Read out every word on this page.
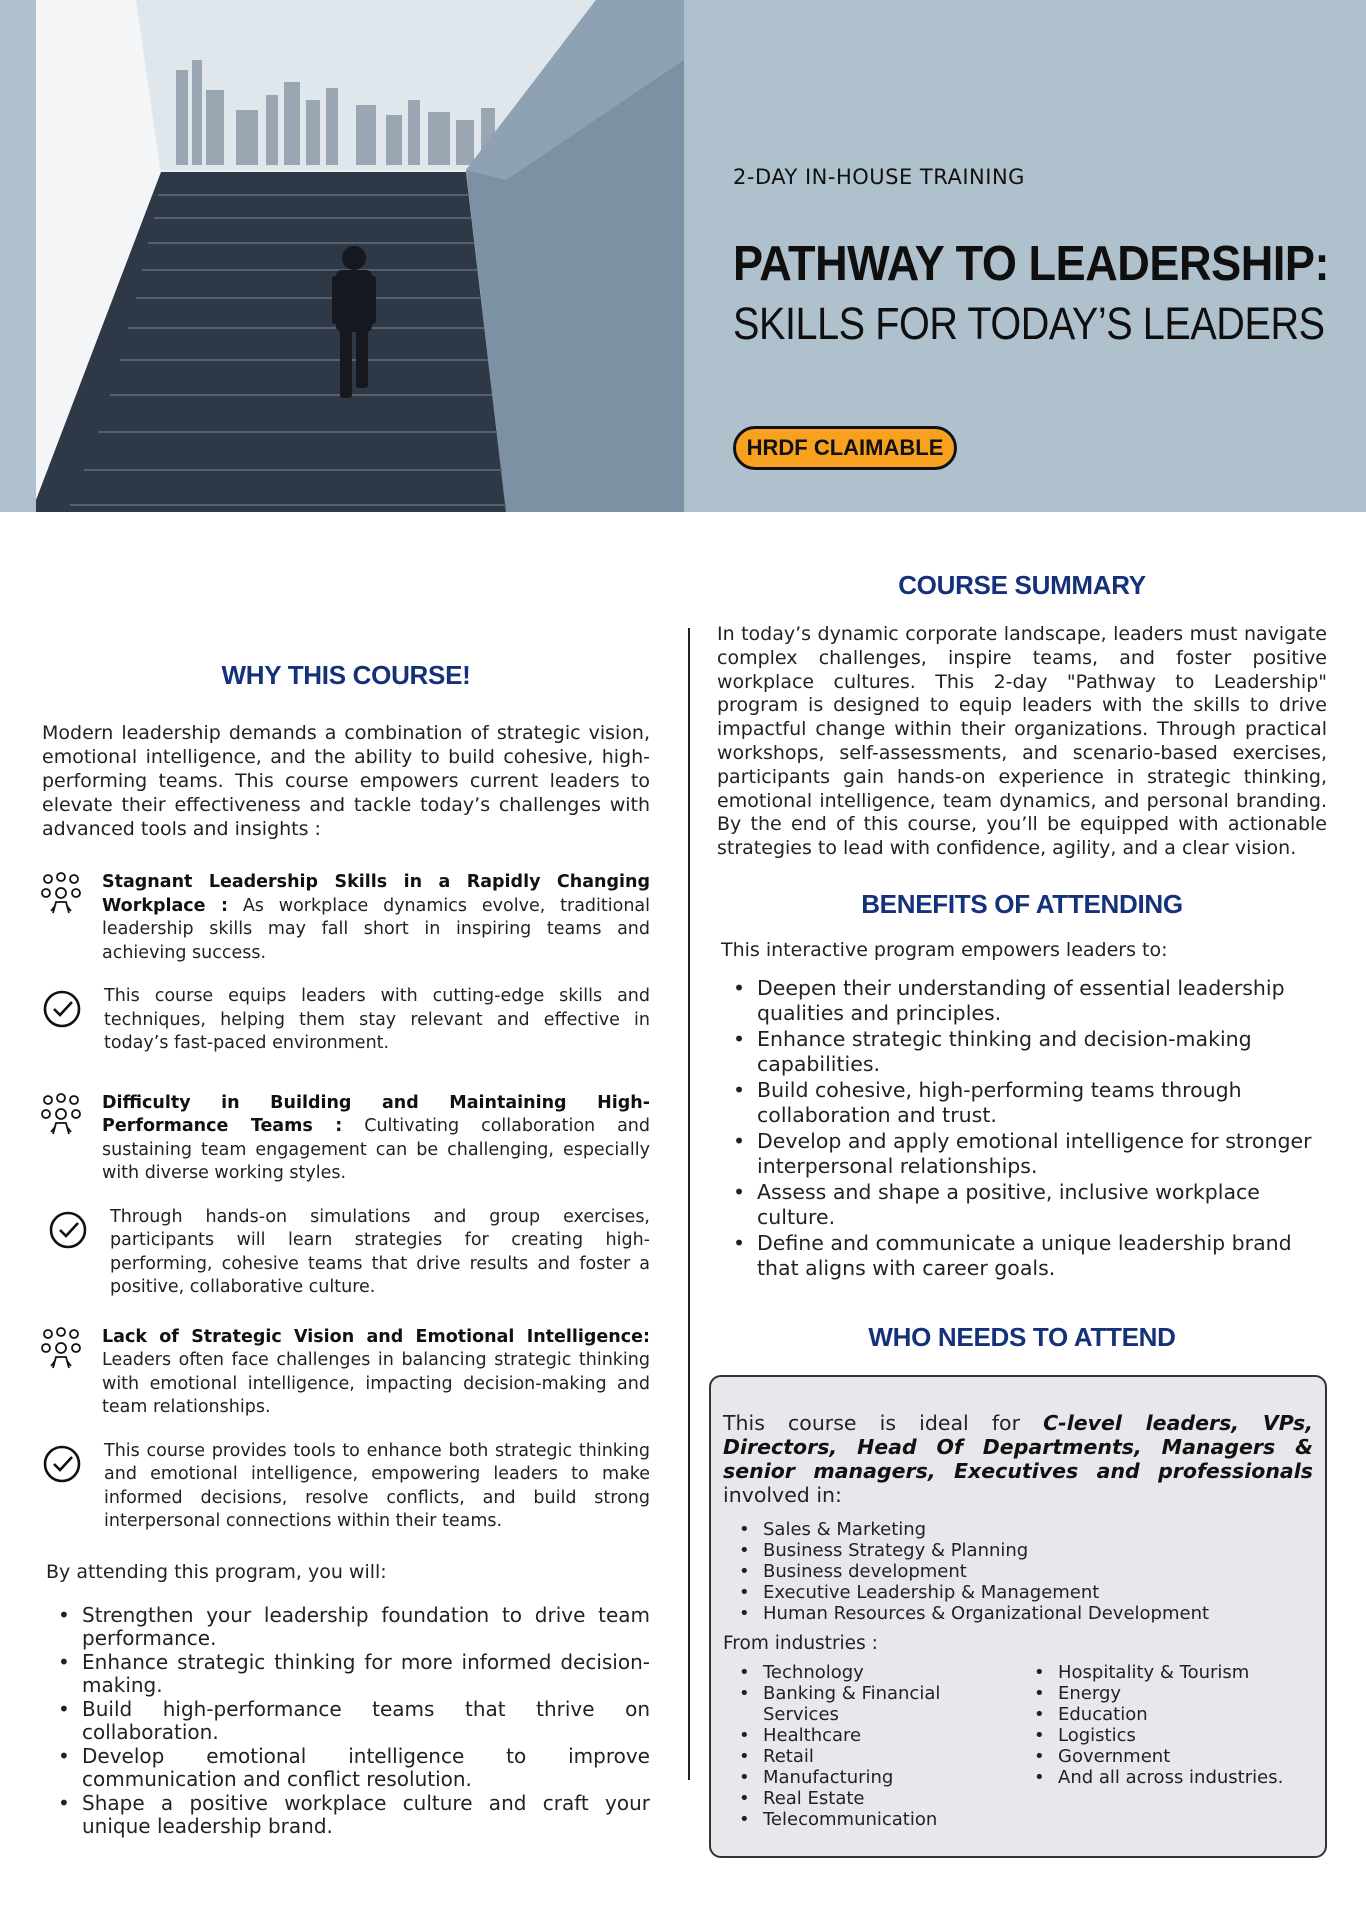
2-DAY IN-HOUSE TRAINING
PATHWAY TO LEADERSHIP:
SKILLS FOR TODAY’S LEADERS
HRDF CLAIMABLE
WHY THIS COURSE!
Modern leadership demands a combination of strategic vision, emotional intelligence, and the ability to build cohesive, high-performing teams. This course empowers current leaders to elevate their effectiveness and tackle today’s challenges with advanced tools and insights :
Stagnant Leadership Skills in a Rapidly Changing Workplace : As workplace dynamics evolve, traditional leadership skills may fall short in inspiring teams and achieving success.
This course equips leaders with cutting-edge skills and techniques, helping them stay relevant and effective in today’s fast-paced environment.
Difficulty in Building and Maintaining High-Performance Teams : Cultivating collaboration and sustaining team engagement can be challenging, especially with diverse working styles.
Through hands-on simulations and group exercises, participants will learn strategies for creating high-performing, cohesive teams that drive results and foster a positive, collaborative culture.
Lack of Strategic Vision and Emotional Intelligence: Leaders often face challenges in balancing strategic thinking with emotional intelligence, impacting decision-making and team relationships.
This course provides tools to enhance both strategic thinking and emotional intelligence, empowering leaders to make informed decisions, resolve conflicts, and build strong interpersonal connections within their teams.
By attending this program, you will:
• Strengthen your leadership foundation to drive team performance.
• Enhance strategic thinking for more informed decision-making.
• Build high-performance teams that thrive on collaboration.
• Develop emotional intelligence to improve communication and conflict resolution.
• Shape a positive workplace culture and craft your unique leadership brand.
COURSE SUMMARY
In today’s dynamic corporate landscape, leaders must navigate complex challenges, inspire teams, and foster positive workplace cultures. This 2-day "Pathway to Leadership" program is designed to equip leaders with the skills to drive impactful change within their organizations. Through practical workshops, self-assessments, and scenario-based exercises, participants gain hands-on experience in strategic thinking, emotional intelligence, team dynamics, and personal branding. By the end of this course, you’ll be equipped with actionable strategies to lead with confidence, agility, and a clear vision.
BENEFITS OF ATTENDING
This interactive program empowers leaders to:
• Deepen their understanding of essential leadership qualities and principles.
• Enhance strategic thinking and decision-making capabilities.
• Build cohesive, high-performing teams through collaboration and trust.
• Develop and apply emotional intelligence for stronger interpersonal relationships.
• Assess and shape a positive, inclusive workplace culture.
• Define and communicate a unique leadership brand that aligns with career goals.
WHO NEEDS TO ATTEND
This course is ideal for C-level leaders, VPs, Directors, Head Of Departments, Managers & senior managers, Executives and professionals involved in:
• Sales & Marketing
• Business Strategy & Planning
• Business development
• Executive Leadership & Management
• Human Resources & Organizational Development
From industries :
• Technology
• Banking & Financial Services
• Healthcare
• Retail
• Manufacturing
• Real Estate
• Telecommunication
• Hospitality & Tourism
• Energy
• Education
• Logistics
• Government
• And all across industries.
